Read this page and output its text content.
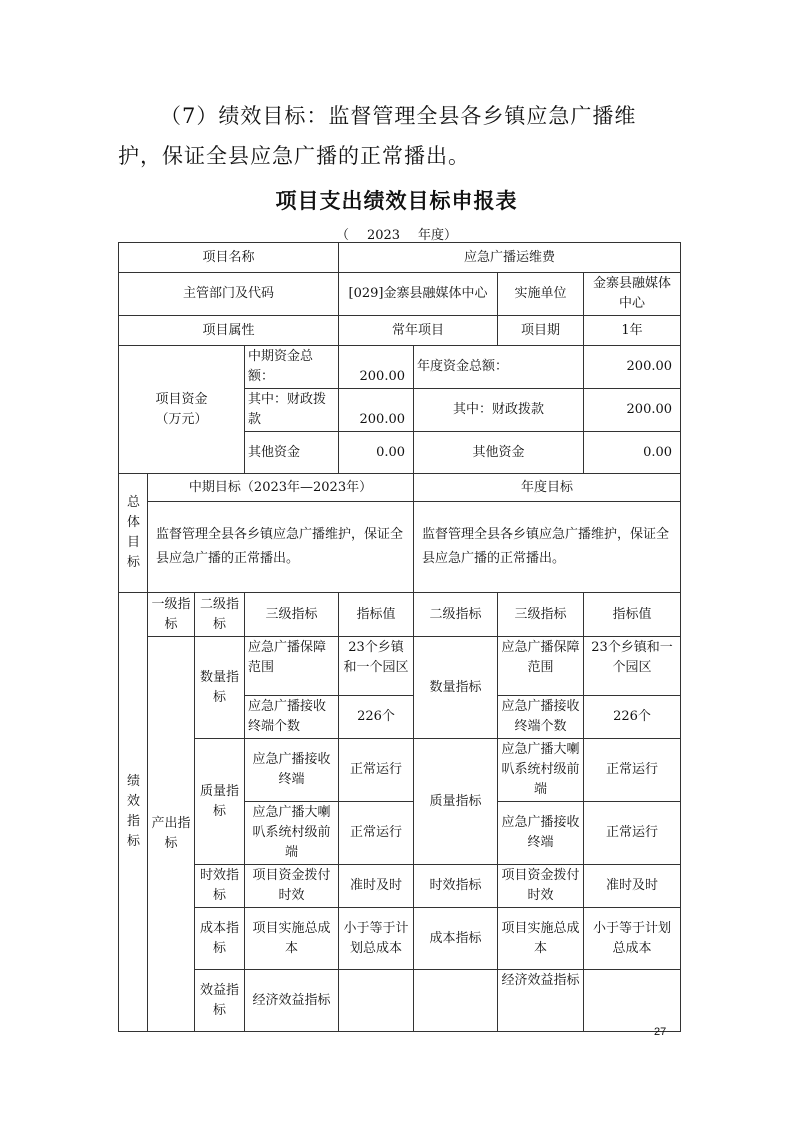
（7）绩效目标：监督管理全县各乡镇应急广播维护，保证全县应急广播的正常播出。
项目支出绩效目标申报表
（ 2023 年度）
项目名称				应急广播运维费				
主管部门及代码				[029]金寨县融媒体中心		实施单位	金寨县融媒体中心	
项目属性				常年项目		项目期	1年	
项目资金
（万元）			中期资金总额：	200.00	年度资金总额：		200.00	
			其中：财政拨款	200.00	其中：财政拨款		200.00	
			其他资金	0.00	其他资金		0.00	

总体目标	中期目标（2023年—2023年）				年度目标			
	监督管理全县各乡镇应急广播维护，保证全县应急广播的正常播出。				监督管理全县各乡镇应急广播维护，保证全县应急广播的正常播出。			

绩效指标	一级指标	二级指标	三级指标	指标值	二级指标	三级指标	指标值	
	产出指标	数量指标	应急广播保障范围	23个乡镇和一个园区	数量指标	应急广播保障范围	23个乡镇和一个园区	
			应急广播接收终端个数	226个		应急广播接收终端个数	226个	
		质量指标	应急广播接收终端	正常运行	质量指标	应急广播大喇叭系统村级前端	正常运行	
			应急广播大喇叭系统村级前端	正常运行		应急广播接收终端	正常运行	
		时效指标	项目资金拨付时效	准时及时	时效指标	项目资金拨付时效	准时及时	
		成本指标	项目实施总成本	小于等于计划总成本	成本指标	项目实施总成本	小于等于计划总成本	
		效益指标	经济效益指标			经济效益指标		
27
